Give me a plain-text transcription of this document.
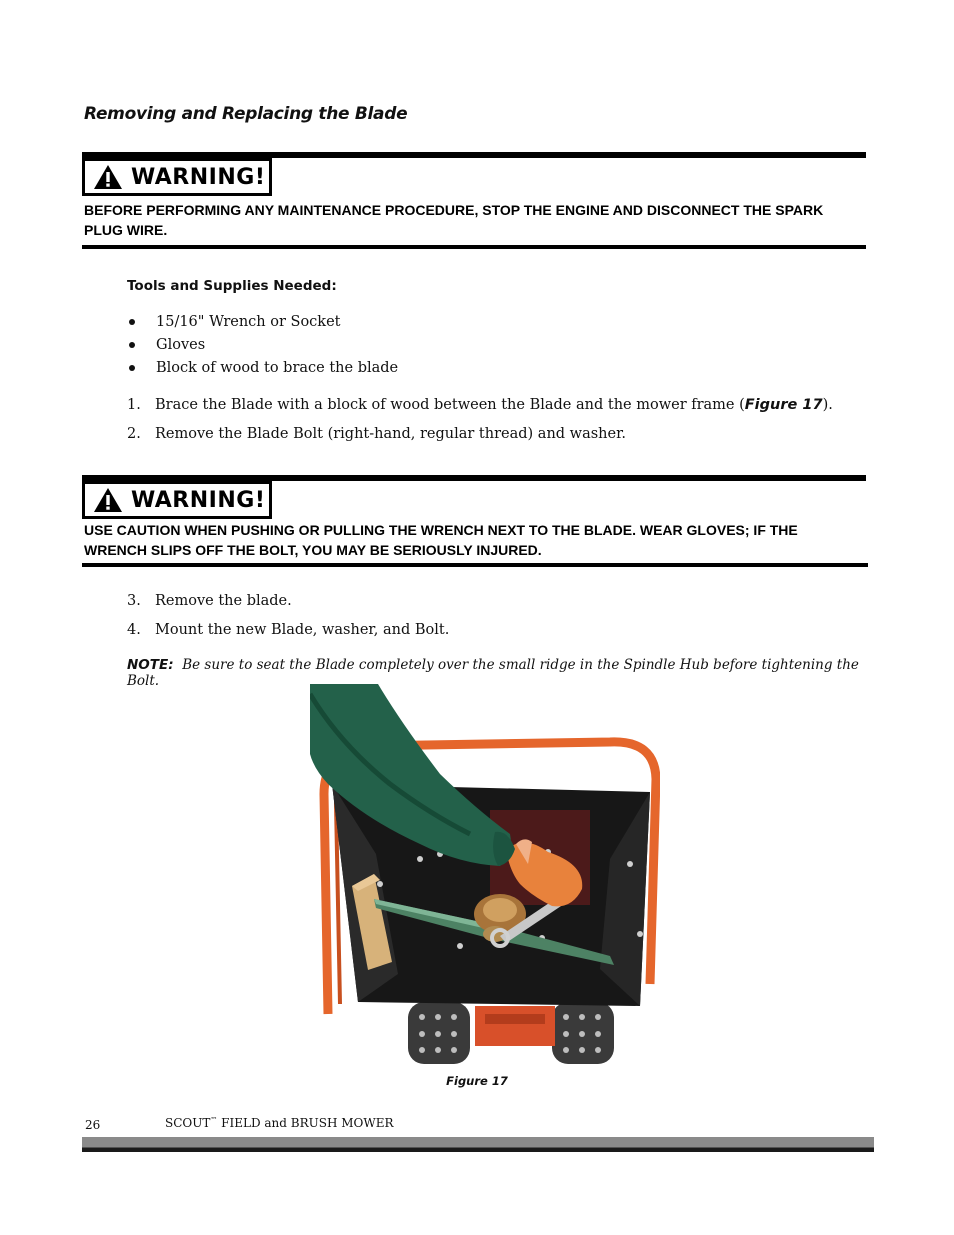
Removing and Replacing the Blade
WARNING!
BEFORE PERFORMING ANY MAINTENANCE PROCEDURE, STOP THE ENGINE AND DISCONNECT THE SPARK PLUG WIRE.
Tools and Supplies Needed:
15/16" Wrench or Socket
Gloves
Block of wood to brace the blade
1. Brace the Blade with a block of wood between the Blade and the mower frame (Figure 17).
2. Remove the Blade Bolt (right-hand, regular thread) and washer.
WARNING!
USE CAUTION WHEN PUSHING OR PULLING THE WRENCH NEXT TO THE BLADE. WEAR GLOVES; IF THE WRENCH SLIPS OFF THE BOLT, YOU MAY BE SERIOUSLY INJURED.
3. Remove the blade.
4. Mount the new Blade, washer, and Bolt.
NOTE: Be sure to seat the Blade completely over the small ridge in the Spindle Hub before tightening the Bolt.
Figure 17
26	SCOUT™ FIELD and BRUSH MOWER
